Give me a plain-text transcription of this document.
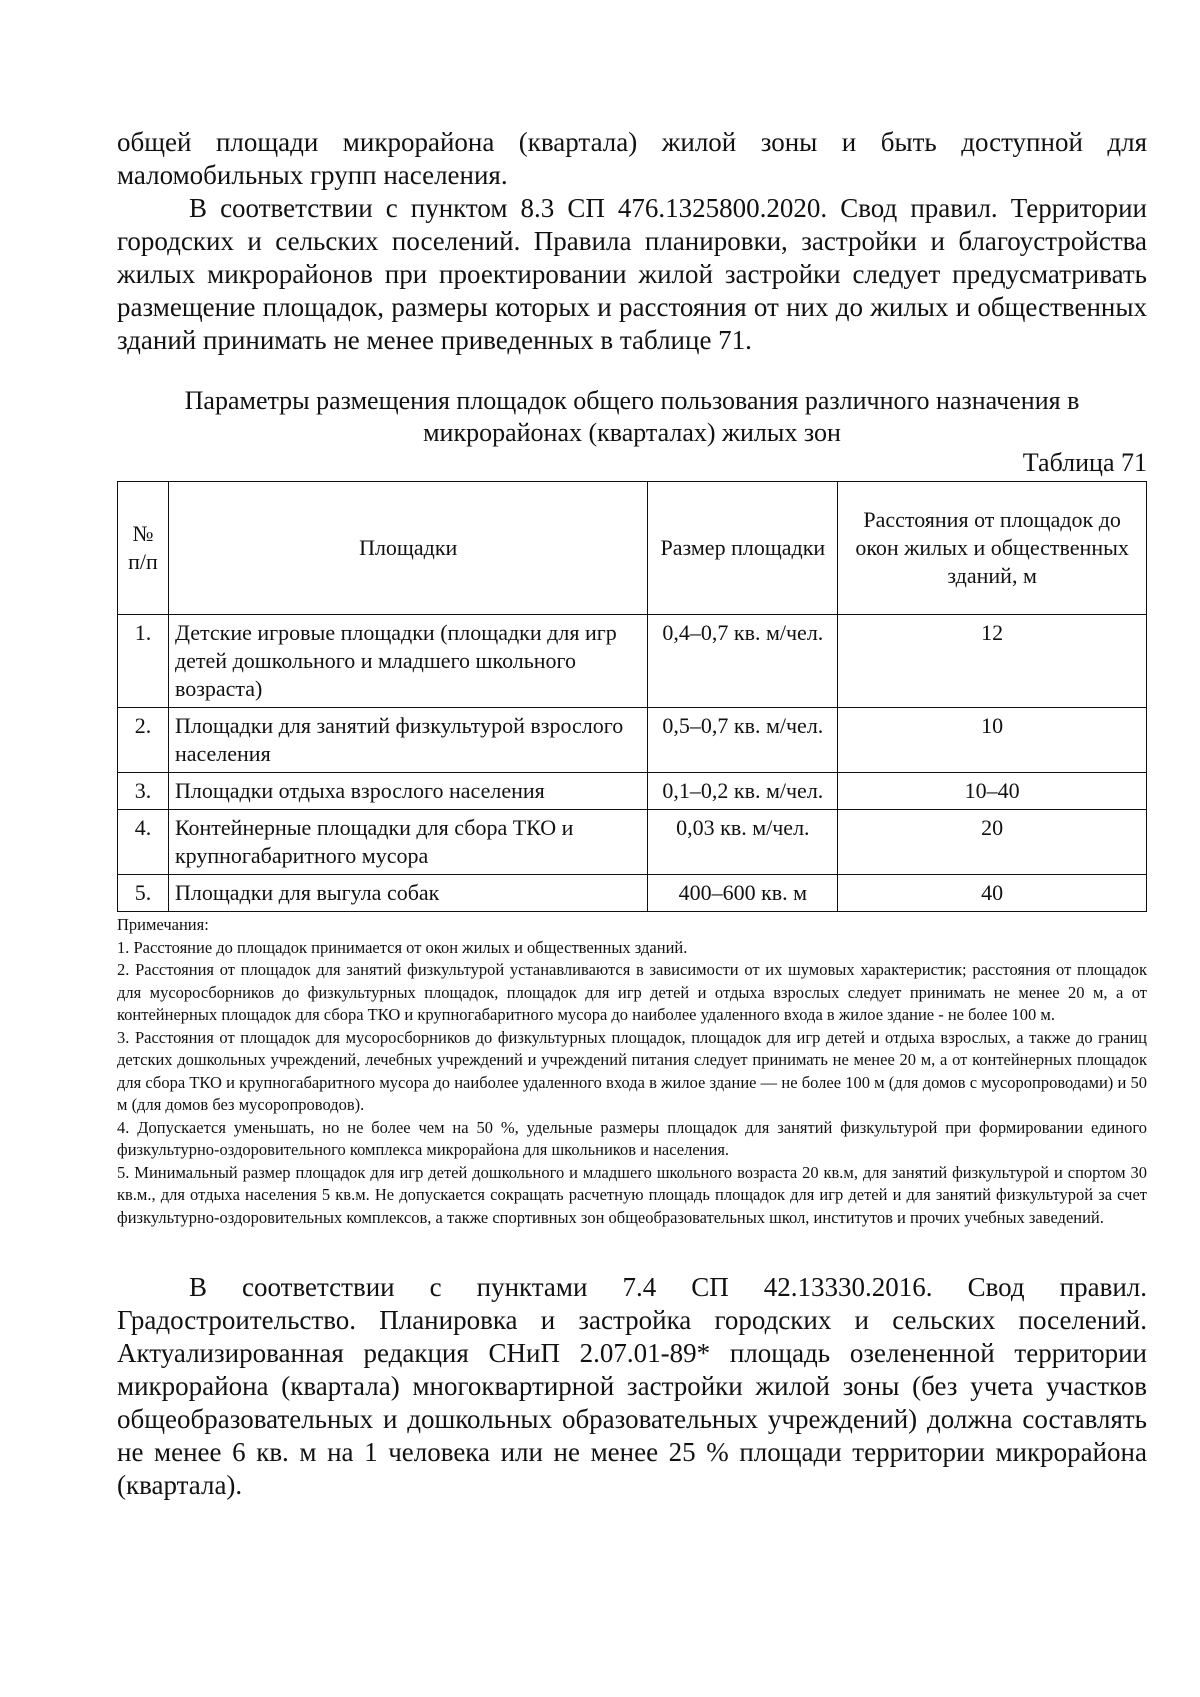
общей площади микрорайона (квартала) жилой зоны и быть доступной для
маломобильных групп населения.

В соответствии с пунктом 8.3 СП 476.1325800.2020. Свод правил. Территории городских и сельских поселений. Правила планировки, застройки и благоустройства жилых микрорайонов при проектировании жилой застройки следует предусматривать размещение площадок, размеры которых и расстояния от них до жилых и общественных зданий принимать не менее приведенных в таблице 71.

Параметры размещения площадок общего пользования различного назначения в
микрорайонах (кварталах) жилых зон
Таблица 71
№ п/п	Площадки	Размер площадки	Расстояния от площадок до окон жилых и общественных зданий, м
1.	Детские игровые площадки (площадки для игр детей дошкольного и младшего школьного возраста)	0,4–0,7 кв. м/чел.	12
2.	Площадки для занятий физкультурой взрослого населения	0,5–0,7 кв. м/чел.	10
3.	Площадки отдыха взрослого населения	0,1–0,2 кв. м/чел.	10–40
4.	Контейнерные площадки для сбора ТКО и крупногабаритного мусора	0,03 кв. м/чел.	20
5.	Площадки для выгула собак	400–600 кв. м	40

Примечания:

1. Расстояние до площадок принимается от окон жилых и общественных зданий.

2. Расстояния от площадок для занятий физкультурой устанавливаются в зависимости от их шумовых характеристик; расстояния от площадок для мусоросборников до физкультурных площадок, площадок для игр детей и отдыха взрослых следует принимать не менее 20 м, а от контейнерных площадок для сбора ТКО и крупногабаритного мусора до наиболее удаленного входа в жилое здание - не более 100 м.

3. Расстояния от площадок для мусоросборников до физкультурных площадок, площадок для игр детей и отдыха взрослых, а также до границ детских дошкольных учреждений, лечебных учреждений и учреждений питания следует принимать не менее 20 м, а от контейнерных площадок для сбора ТКО и крупногабаритного мусора до наиболее удаленного входа в жилое здание — не более 100 м (для домов с мусоропроводами) и 50 м (для домов без мусоропроводов).

4. Допускается уменьшать, но не более чем на 50 %, удельные размеры площадок для занятий физкультурой при формировании единого физкультурно-оздоровительного комплекса микрорайона для школьников и населения.

5. Минимальный размер площадок для игр детей дошкольного и младшего школьного возраста 20 кв.м, для занятий физкультурой и спортом 30 кв.м., для отдыха населения 5 кв.м. Не допускается сокращать расчетную площадь площадок для игр детей и для занятий физкультурой за счет физкультурно-оздоровительных комплексов, а также спортивных зон общеобразовательных школ, институтов и прочих учебных заведений.

В соответствии с пунктами 7.4 СП 42.13330.2016. Свод правил. Градостроительство. Планировка и застройка городских и сельских поселений. Актуализированная редакция СНиП 2.07.01-89* площадь озелененной территории микрорайона (квартала) многоквартирной застройки жилой зоны (без учета участков общеобразовательных и дошкольных образовательных учреждений) должна составлять не менее 6 кв. м на 1 человека или не менее 25 % площади территории микрорайона (квартала).
